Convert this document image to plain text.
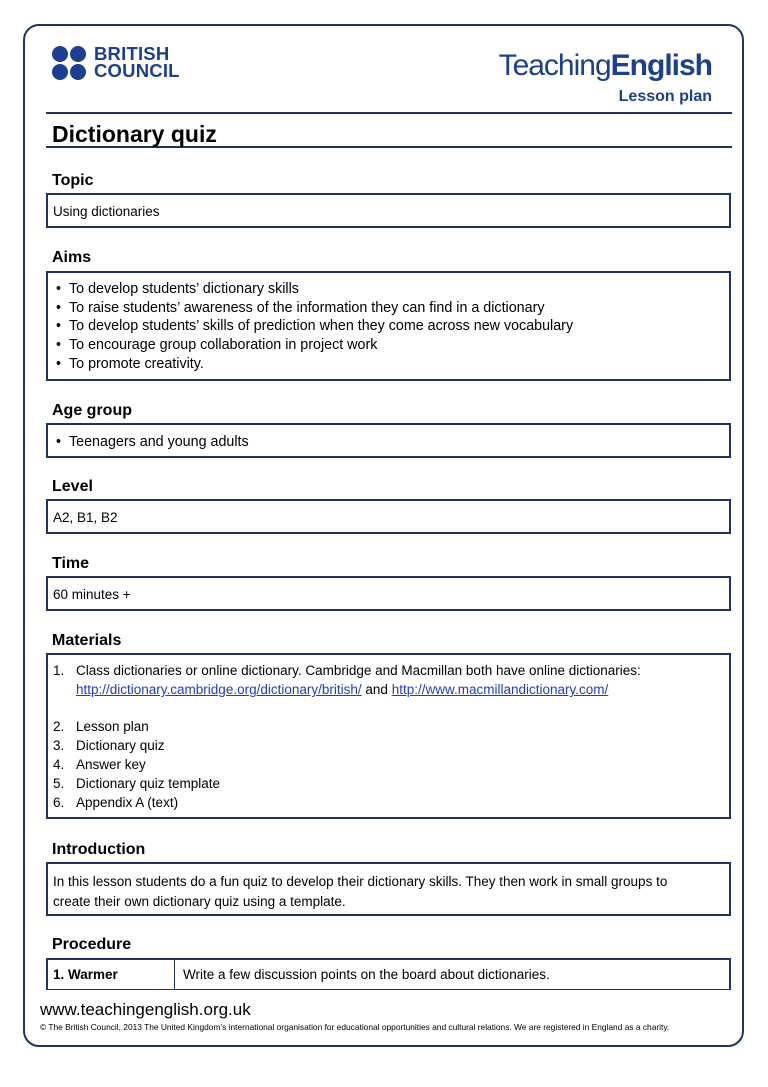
BRITISH
COUNCIL	TeachingEnglish
Lesson plan
Dictionary quiz
Topic
Using dictionaries
Aims
• To develop students’ dictionary skills
• To raise students’ awareness of the information they can find in a dictionary
• To develop students’ skills of prediction when they come across new vocabulary
• To encourage group collaboration in project work
• To promote creativity.
Age group
• Teenagers and young adults
Level
A2, B1, B2
Time
60 minutes +
Materials
1. Class dictionaries or online dictionary. Cambridge and Macmillan both have online dictionaries:
http://dictionary.cambridge.org/dictionary/british/ and http://www.macmillandictionary.com/
2. Lesson plan
3. Dictionary quiz
4. Answer key
5. Dictionary quiz template
6. Appendix A (text)
Introduction
In this lesson students do a fun quiz to develop their dictionary skills. They then work in small groups to
create their own dictionary quiz using a template.
Procedure
1. Warmer	Write a few discussion points on the board about dictionaries.
www.teachingenglish.org.uk
© The British Council, 2013 The United Kingdom’s international organisation for educational opportunities and cultural relations. We are registered in England as a charity.
